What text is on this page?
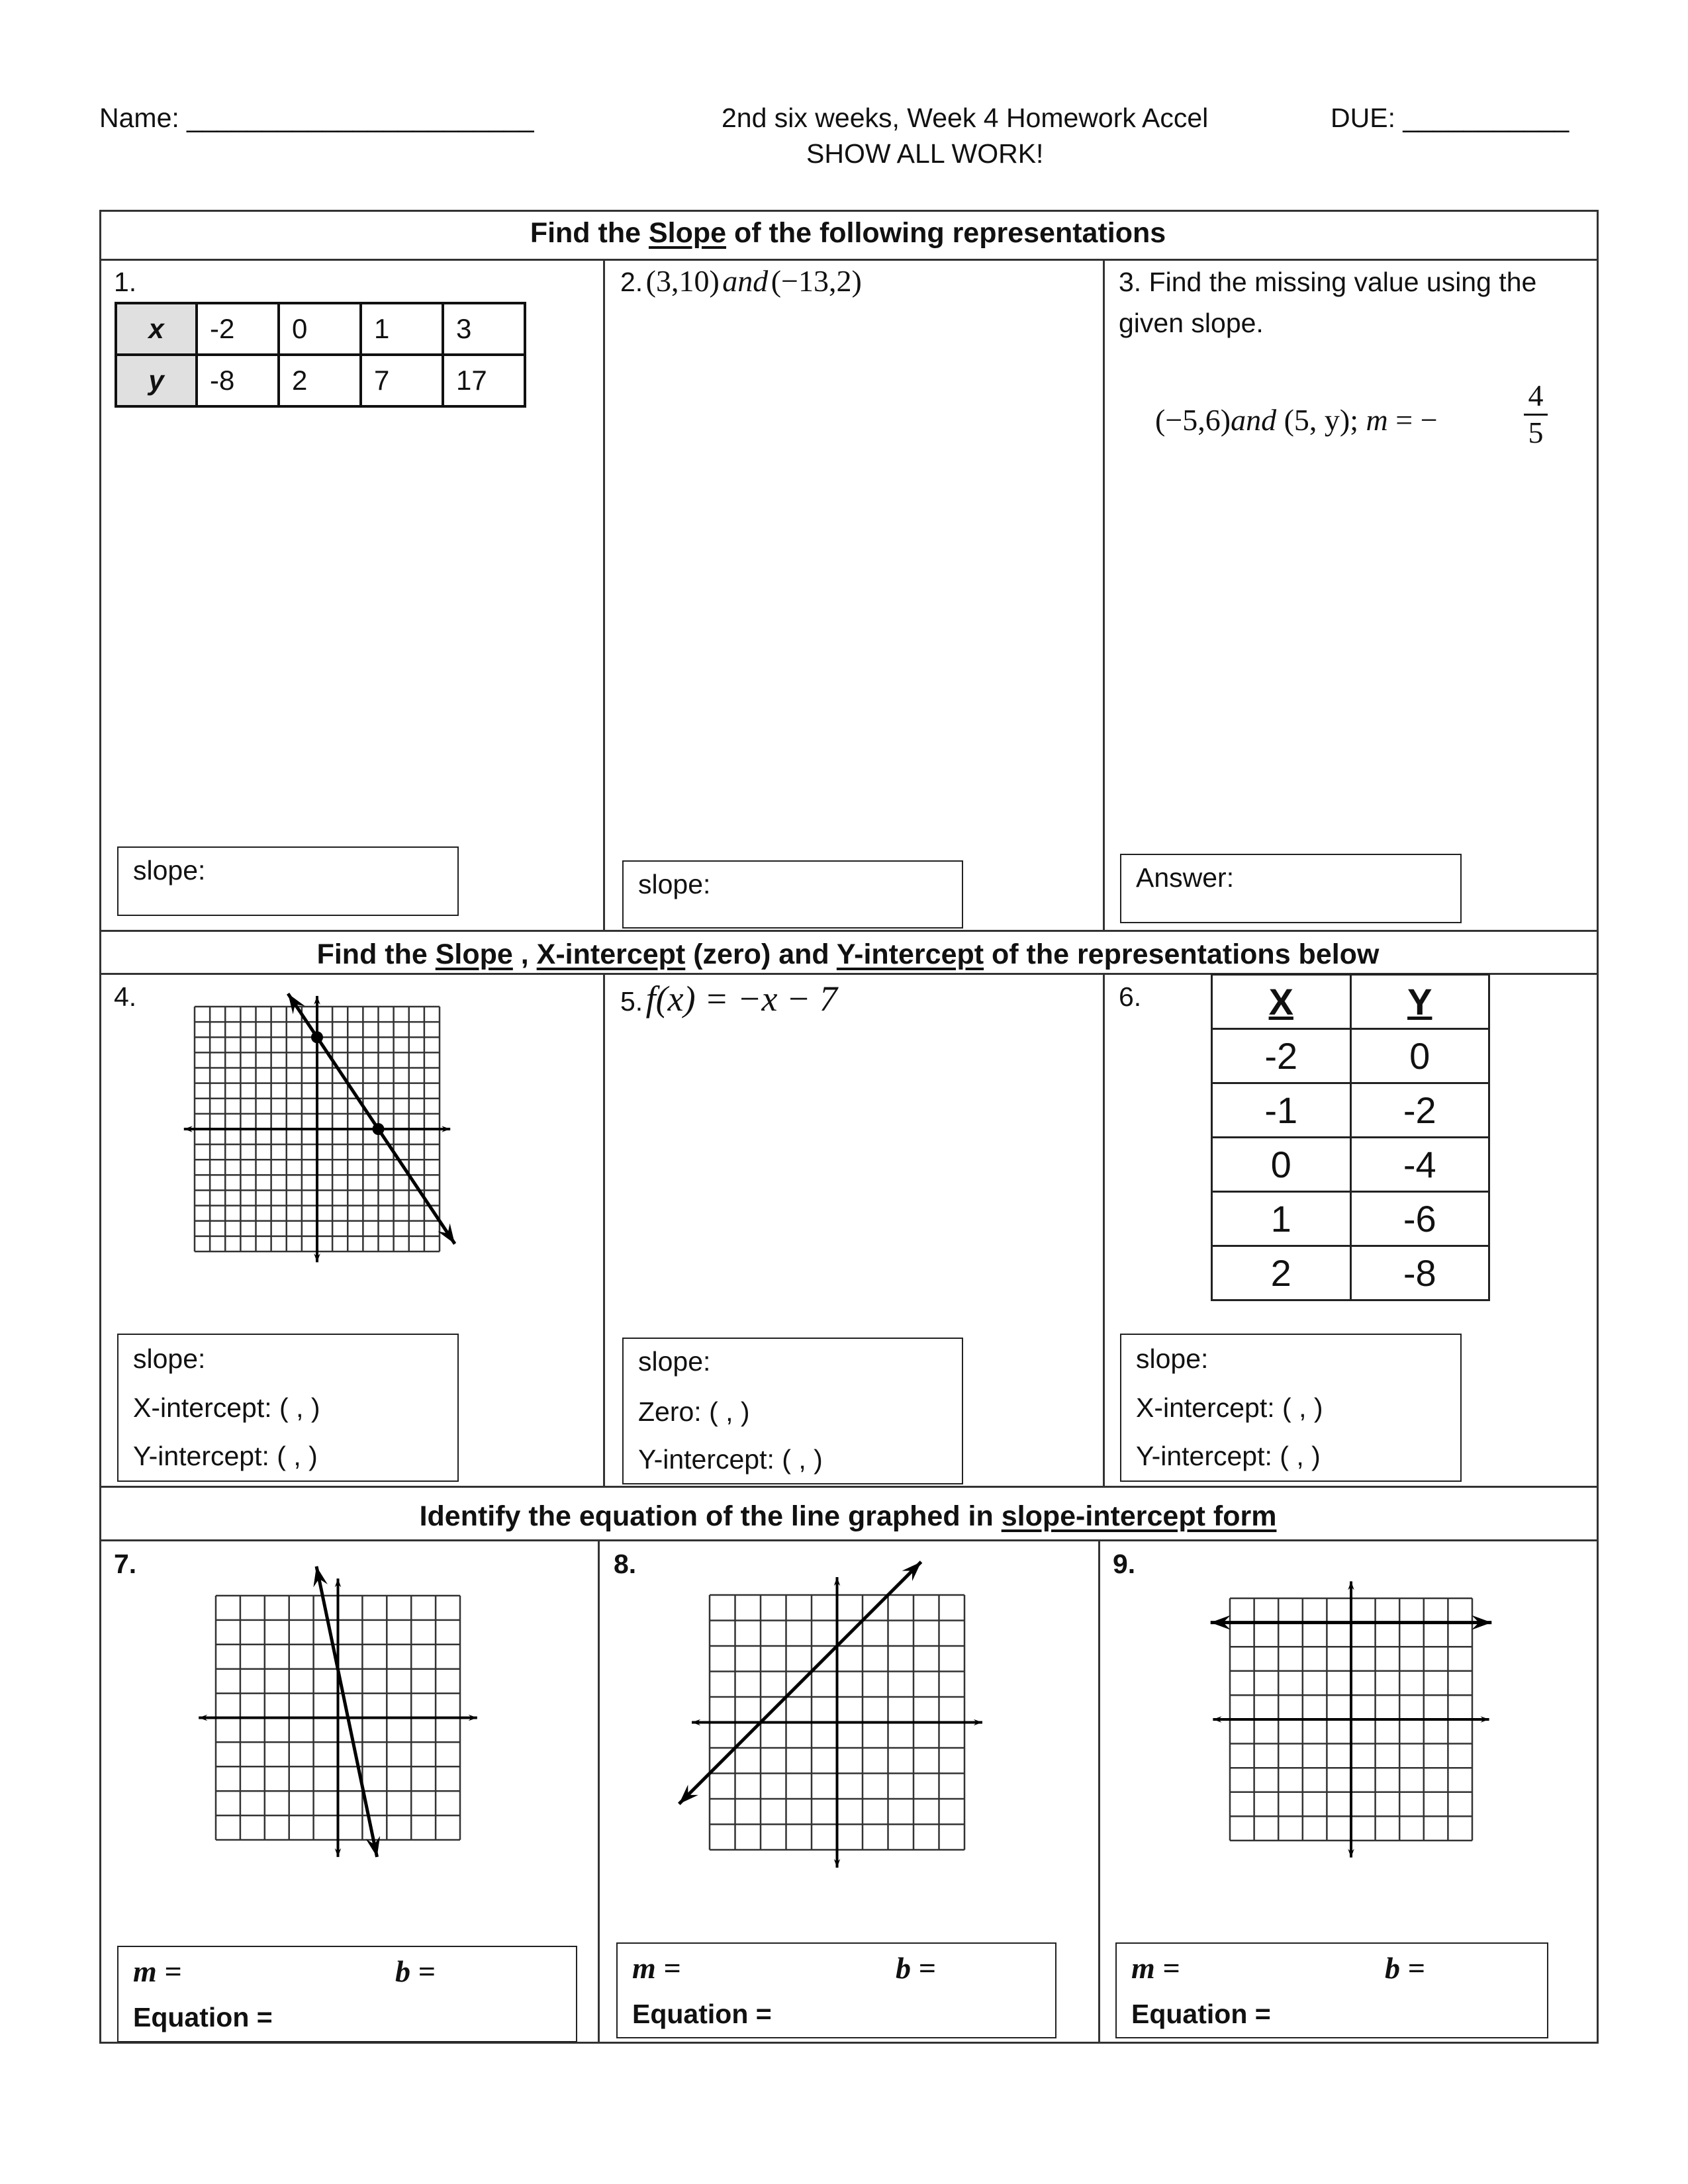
Name: _______________________	2nd six weeks, Week 4 Homework Accel
SHOW ALL WORK!
DUE: ___________
Find the Slope of the following representations
Find the Slope , X-intercept (zero) and Y-intercept of the representations below
Identify the equation of the line graphed in slope-intercept form
1.
x	-2	0	1	3
y	-8	2	7	17
slope:
2. (3,10) and (−13,2)
slope:
3. Find the missing value using the
given slope.
(−5,6)and (5, y); m = −
4
5
Answer:
4.
slope:
X-intercept: ( , )
Y-intercept: ( , )
5. f(x) = −x − 7
slope:
Zero: ( , )
Y-intercept: ( , )
6.	X	Y
-2	0
-1	-2
0	-4
1	-6
2	-8
slope:
X-intercept: ( , )
Y-intercept: ( , )
7.
m =	b =
Equation =
8.
m =	b =
Equation =
9.
m =	b =
Equation =
